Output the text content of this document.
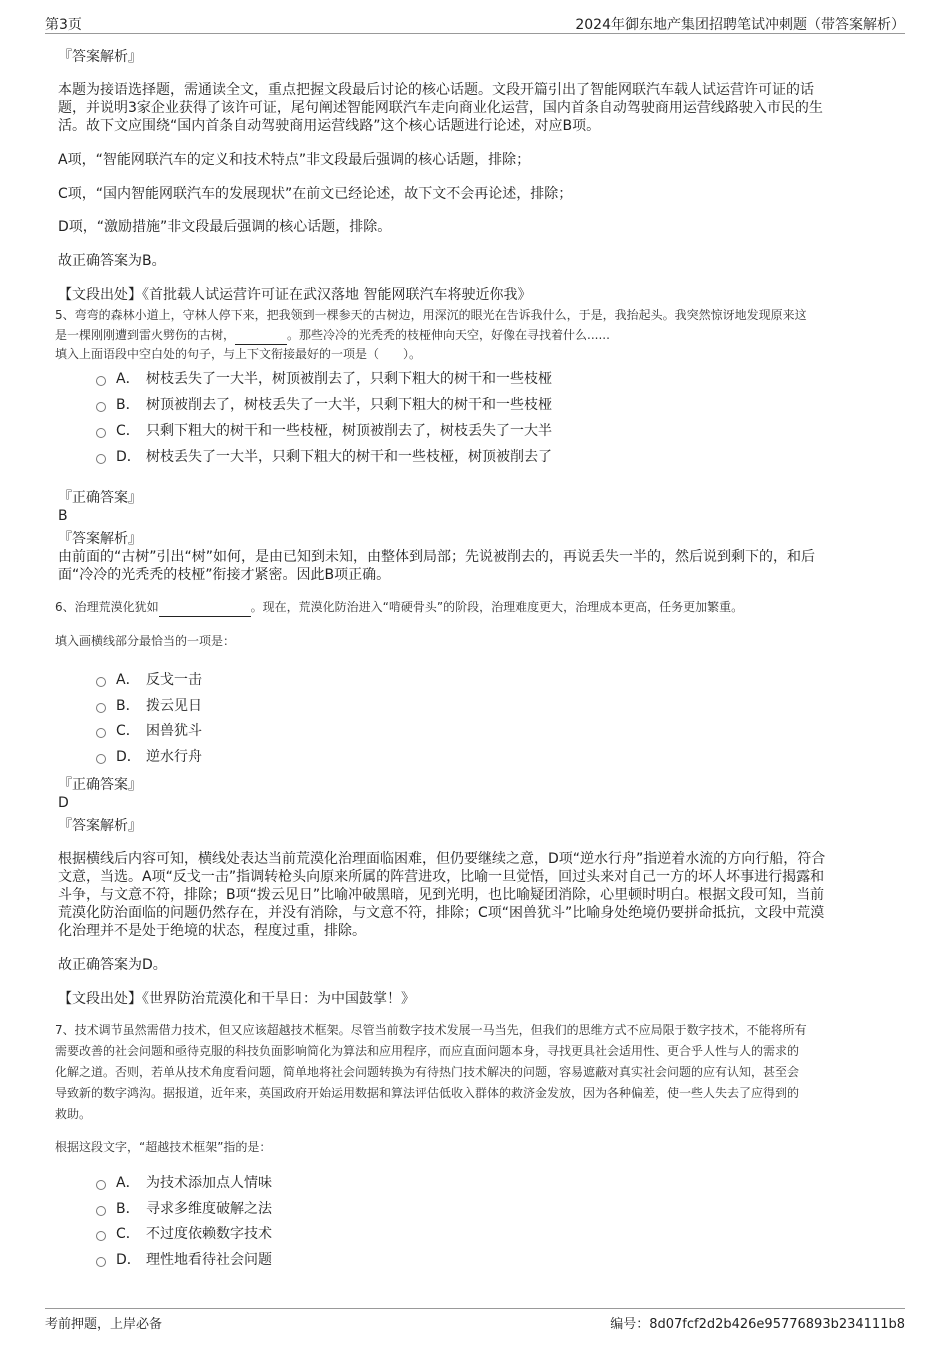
第3页	2024年御东地产集团招聘笔试冲刺题（带答案解析）
『答案解析』
本题为接语选择题，需通读全文，重点把握文段最后讨论的核心话题。文段开篇引出了智能网联汽车载人试运营许可证的话
题，并说明3家企业获得了该许可证，尾句阐述智能网联汽车走向商业化运营，国内首条自动驾驶商用运营线路驶入市民的生
活。故下文应围绕“国内首条自动驾驶商用运营线路”这个核心话题进行论述，对应B项。
A项，“智能网联汽车的定义和技术特点”非文段最后强调的核心话题，排除；
C项，“国内智能网联汽车的发展现状”在前文已经论述，故下文不会再论述，排除；
D项，“激励措施”非文段最后强调的核心话题，排除。
故正确答案为B。
【文段出处】《首批载人试运营许可证在武汉落地 智能网联汽车将驶近你我》
5、弯弯的森林小道上，守林人停下来，把我领到一棵参天的古树边，用深沉的眼光在告诉我什么，于是，我抬起头。我突然惊讶地发现原来这
是一棵刚刚遭到雷火劈伤的古树，	。那些冷冷的光秃秃的枝桠伸向天空，好像在寻找着什么......
填入上面语段中空白处的句子，与上下文衔接最好的一项是（　　）。
A． 树枝丢失了一大半，树顶被削去了，只剩下粗大的树干和一些枝桠
B． 树顶被削去了，树枝丢失了一大半，只剩下粗大的树干和一些枝桠
C． 只剩下粗大的树干和一些枝桠，树顶被削去了，树枝丢失了一大半
D． 树枝丢失了一大半，只剩下粗大的树干和一些枝桠，树顶被削去了
『正确答案』
B
『答案解析』
由前面的“古树”引出“树”如何，是由已知到未知，由整体到局部；先说被削去的，再说丢失一半的，然后说到剩下的，和后
面“冷冷的光秃秃的枝桠”衔接才紧密。因此B项正确。
6、治理荒漠化犹如	。现在，荒漠化防治进入“啃硬骨头”的阶段，治理难度更大，治理成本更高，任务更加繁重。
填入画横线部分最恰当的一项是：
A． 反戈一击
B． 拨云见日
C． 困兽犹斗
D． 逆水行舟
『正确答案』
D
『答案解析』
根据横线后内容可知，横线处表达当前荒漠化治理面临困难，但仍要继续之意，D项“逆水行舟”指逆着水流的方向行船，符合
文意，当选。A项“反戈一击”指调转枪头向原来所属的阵营进攻，比喻一旦觉悟，回过头来对自己一方的坏人坏事进行揭露和
斗争，与文意不符，排除；B项“拨云见日”比喻冲破黑暗，见到光明，也比喻疑团消除，心里顿时明白。根据文段可知，当前
荒漠化防治面临的问题仍然存在，并没有消除，与文意不符，排除；C项“困兽犹斗”比喻身处绝境仍要拼命抵抗，文段中荒漠
化治理并不是处于绝境的状态，程度过重，排除。
故正确答案为D。
【文段出处】《世界防治荒漠化和干旱日：为中国鼓掌！》
7、技术调节虽然需借力技术，但又应该超越技术框架。尽管当前数字技术发展一马当先，但我们的思维方式不应局限于数字技术，不能将所有
需要改善的社会问题和亟待克服的科技负面影响简化为算法和应用程序，而应直面问题本身，寻找更具社会适用性、更合乎人性与人的需求的
化解之道。否则，若单从技术角度看问题，简单地将社会问题转换为有待热门技术解决的问题，容易遮蔽对真实社会问题的应有认知，甚至会
导致新的数字鸿沟。据报道，近年来，英国政府开始运用数据和算法评估低收入群体的救济金发放，因为各种偏差，使一些人失去了应得到的
救助。
根据这段文字，“超越技术框架”指的是：
A． 为技术添加点人情味
B． 寻求多维度破解之法
C． 不过度依赖数字技术
D． 理性地看待社会问题
考前押题，上岸必备	编号：8d07fcf2d2b426e95776893b234111b8
